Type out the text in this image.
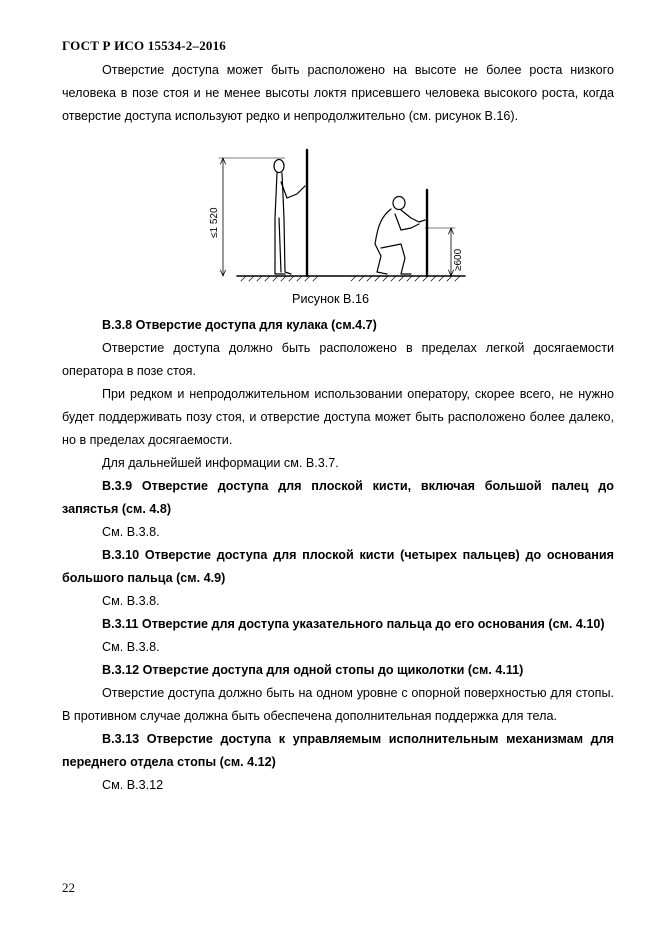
ГОСТ Р ИСО 15534-2–2016

Отверстие доступа может быть расположено на высоте не более роста низкого человека в позе стоя и не менее высоты локтя присевшего человека высокого роста, когда отверстие доступа используют редко и непродолжительно (см. рисунок В.16).

≤1 520
≥600
Рисунок В.16

В.3.8 Отверстие доступа для кулака (см.4.7)

Отверстие доступа должно быть расположено в пределах легкой досягаемости оператора в позе стоя.

При редком и непродолжительном использовании оператору, скорее всего, не нужно будет поддерживать позу стоя, и отверстие доступа может быть расположено более далеко, но в пределах досягаемости.

Для дальнейшей информации см. В.3.7.

В.3.9 Отверстие доступа для плоской кисти, включая большой палец до запястья (см. 4.8)

См. В.3.8.

В.3.10 Отверстие доступа для плоской кисти (четырех пальцев) до основания большого пальца (см. 4.9)

См. В.3.8.

В.3.11 Отверстие для доступа указательного пальца до его основания (см. 4.10)

См. В.3.8.

В.3.12 Отверстие доступа для одной стопы до щиколотки (см. 4.11)

Отверстие доступа должно быть на одном уровне с опорной поверхностью для стопы. В противном случае должна быть обеспечена дополнительная поддержка для тела.

В.3.13 Отверстие доступа к управляемым исполнительным механизмам для переднего отдела стопы (см. 4.12)

См. В.3.12

22
